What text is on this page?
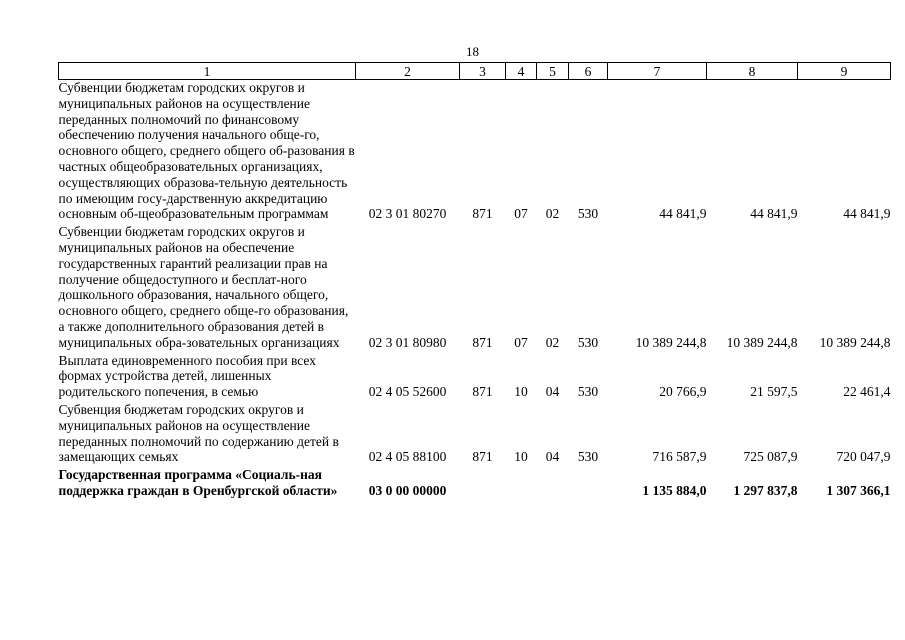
18
1	2	3	4	5	6	7	8	9
Субвенции бюджетам городских округов и муниципальных районов на осуществление переданных полномочий по финансовому обеспечению получения начального обще-го, основного общего, среднего общего об-разования в частных общеобразовательных организациях, осуществляющих образова-тельную деятельность по имеющим госу-дарственную аккредитацию основным об-щеобразовательным программам	02 3 01 80270	871	07	02	530	44 841,9	44 841,9	44 841,9
Субвенции бюджетам городских округов и муниципальных районов на обеспечение государственных гарантий реализации прав на получение общедоступного и бесплат-ного дошкольного образования, начального общего, основного общего, среднего обще-го образования, а также дополнительного образования детей в муниципальных обра-зовательных организациях	02 3 01 80980	871	07	02	530	10 389 244,8	10 389 244,8	10 389 244,8
Выплата единовременного пособия при всех формах устройства детей, лишенных родительского попечения, в семью	02 4 05 52600	871	10	04	530	20 766,9	21 597,5	22 461,4
Субвенция бюджетам городских округов и муниципальных районов на осуществление переданных полномочий по содержанию детей в замещающих семьях	02 4 05 88100	871	10	04	530	716 587,9	725 087,9	720 047,9
Государственная программа «Социаль-ная поддержка граждан в Оренбургской области»	03 0 00 00000					1 135 884,0	1 297 837,8	1 307 366,1
